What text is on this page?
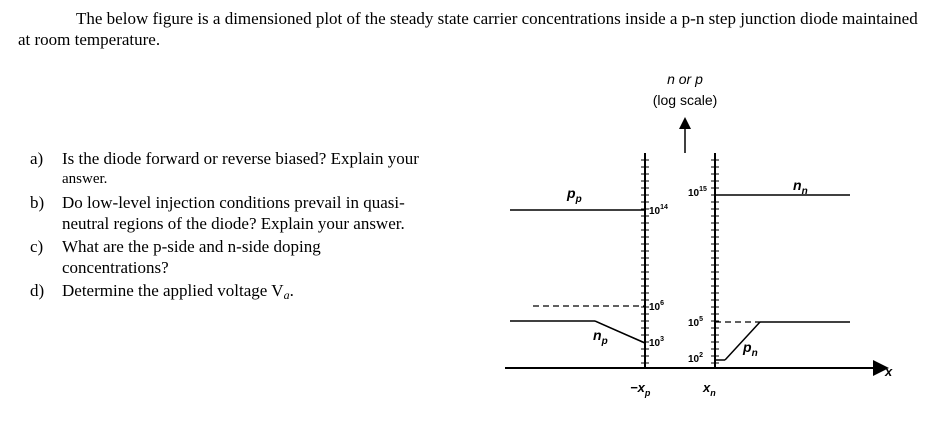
The below figure is a dimensioned plot of the steady state carrier concentrations inside a p-n step junction diode maintained at room temperature.

a) Is the diode forward or reverse biased? Explain your
answer.
b) Do low-level injection conditions prevail in quasi-
neutral regions of the diode? Explain your answer.
c) What are the p-side and n-side doping
concentrations?
d) Determine the applied voltage Va.
n or p
(log scale)
x
$p_p$
$n_n$
$n_p$	$p_n$
$10^{14}$
$10^{15}$
$10^6$
$10^3$
$10^5$
$10^2$
$-x_p$	$x_n$
